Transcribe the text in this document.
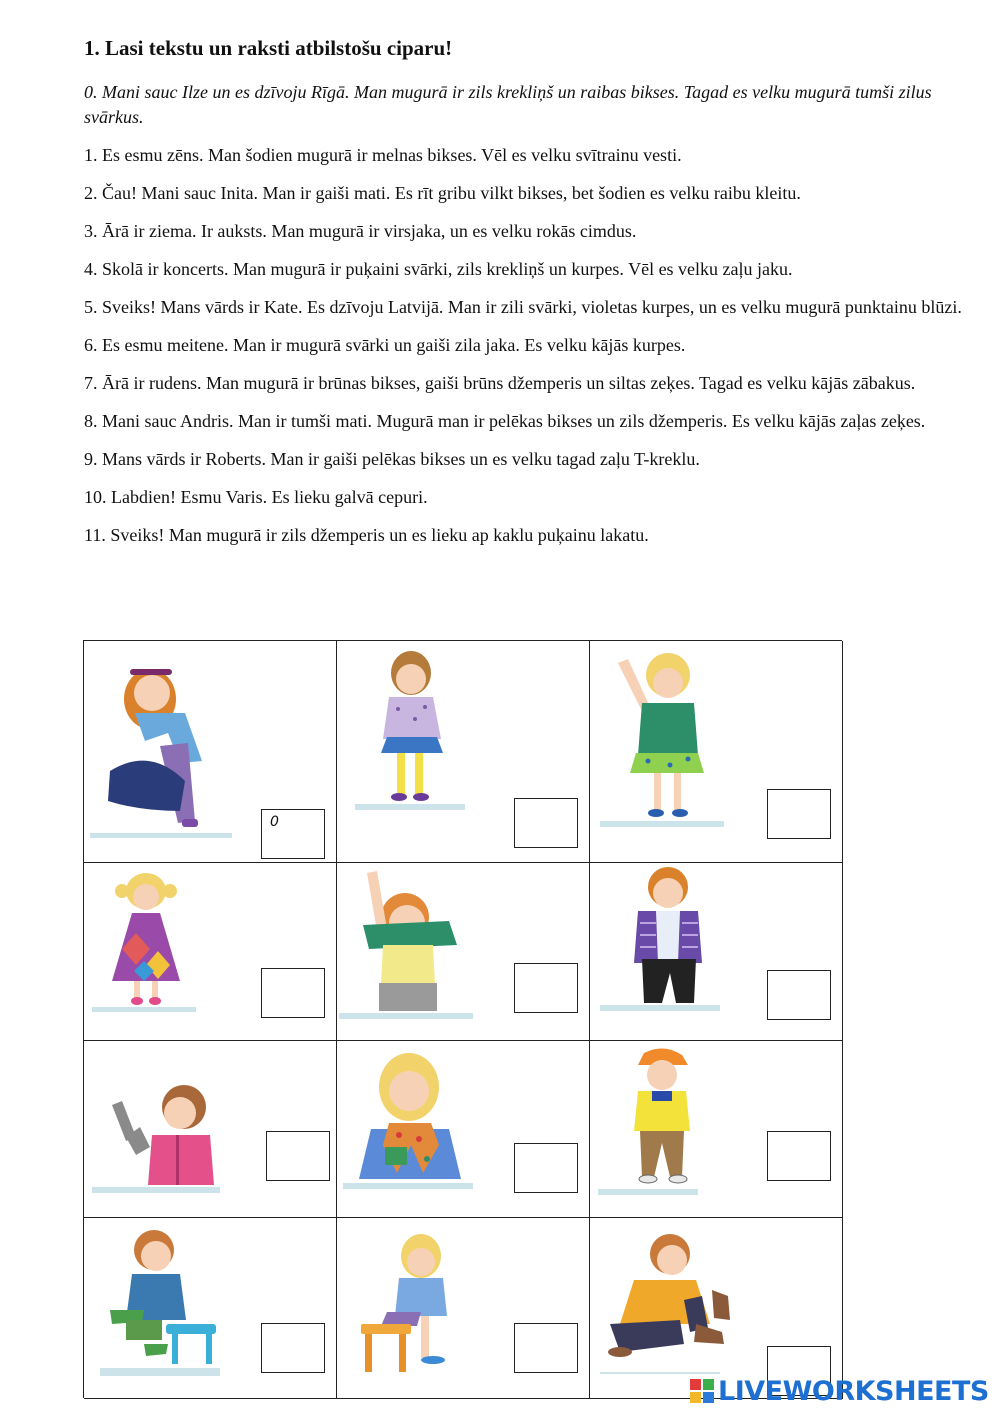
1. Lasi tekstu un raksti atbilstošu ciparu!

0. Mani sauc Ilze un es dzīvoju Rīgā. Man mugurā ir zils krekliņš un raibas bikses. Tagad es velku mugurā tumši zilus svārkus.

1. Es esmu zēns. Man šodien mugurā ir melnas bikses. Vēl es velku svītrainu vesti.

2. Čau! Mani sauc Inita. Man ir gaiši mati. Es rīt gribu vilkt bikses, bet šodien es velku raibu kleitu.

3. Ārā ir ziema. Ir auksts. Man mugurā ir virsjaka, un es velku rokās cimdus.

4. Skolā ir koncerts. Man mugurā ir puķaini svārki, zils krekliņš un kurpes. Vēl es velku zaļu jaku.

5. Sveiks! Mans vārds ir Kate. Es dzīvoju Latvijā. Man ir zili svārki, violetas kurpes, un es velku mugurā punktainu blūzi.

6. Es esmu meitene. Man ir mugurā svārki un gaiši zila jaka. Es velku kājās kurpes.

7. Ārā ir rudens. Man mugurā ir brūnas bikses, gaiši brūns džemperis un siltas zeķes. Tagad es velku kājās zābakus.

8. Mani sauc Andris. Man ir tumši mati. Mugurā man ir pelēkas bikses un zils džemperis. Es velku kājās zaļas zeķes.

9. Mans vārds ir Roberts. Man ir gaiši pelēkas bikses un es velku tagad zaļu T-kreklu.

10. Labdien! Esmu Varis. Es lieku galvā cepuri.

11. Sveiks! Man mugurā ir zils džemperis un es lieku ap kaklu puķainu lakatu.

0
LIVEWORKSHEETS
